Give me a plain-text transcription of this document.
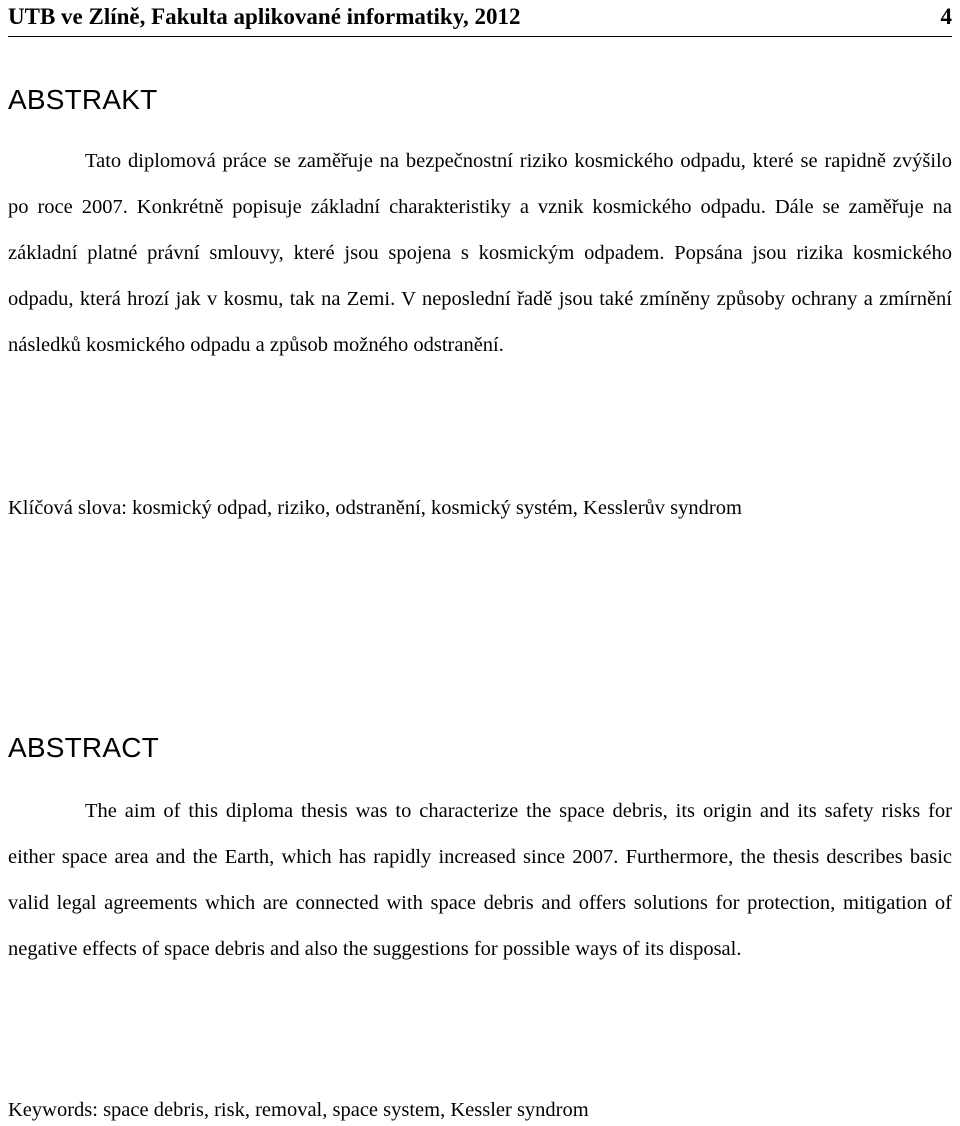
UTB ve Zlíně, Fakulta aplikované informatiky, 2012	4
ABSTRAKT

Tato diplomová práce se zaměřuje na bezpečnostní riziko kosmického odpadu, které se rapidně zvýšilo po roce 2007. Konkrétně popisuje základní charakteristiky a vznik kosmického odpadu. Dále se zaměřuje na základní platné právní smlouvy, které jsou spojena s kosmickým odpadem. Popsána jsou rizika kosmického odpadu, která hrozí jak v kosmu, tak na Zemi. V neposlední řadě jsou také zmíněny způsoby ochrany a zmírnění následků kosmického odpadu a způsob možného odstranění.

Klíčová slova: kosmický odpad, riziko, odstranění, kosmický systém, Kesslerův syndrom
ABSTRACT

The aim of this diploma thesis was to characterize the space debris, its origin and its safety risks for either space area and the Earth, which has rapidly increased since 2007. Furthermore, the thesis describes basic valid legal agreements which are connected with space debris and offers solutions for protection, mitigation of negative effects of space debris and also the suggestions for possible ways of its disposal.

Keywords: space debris, risk, removal, space system, Kessler syndrom
